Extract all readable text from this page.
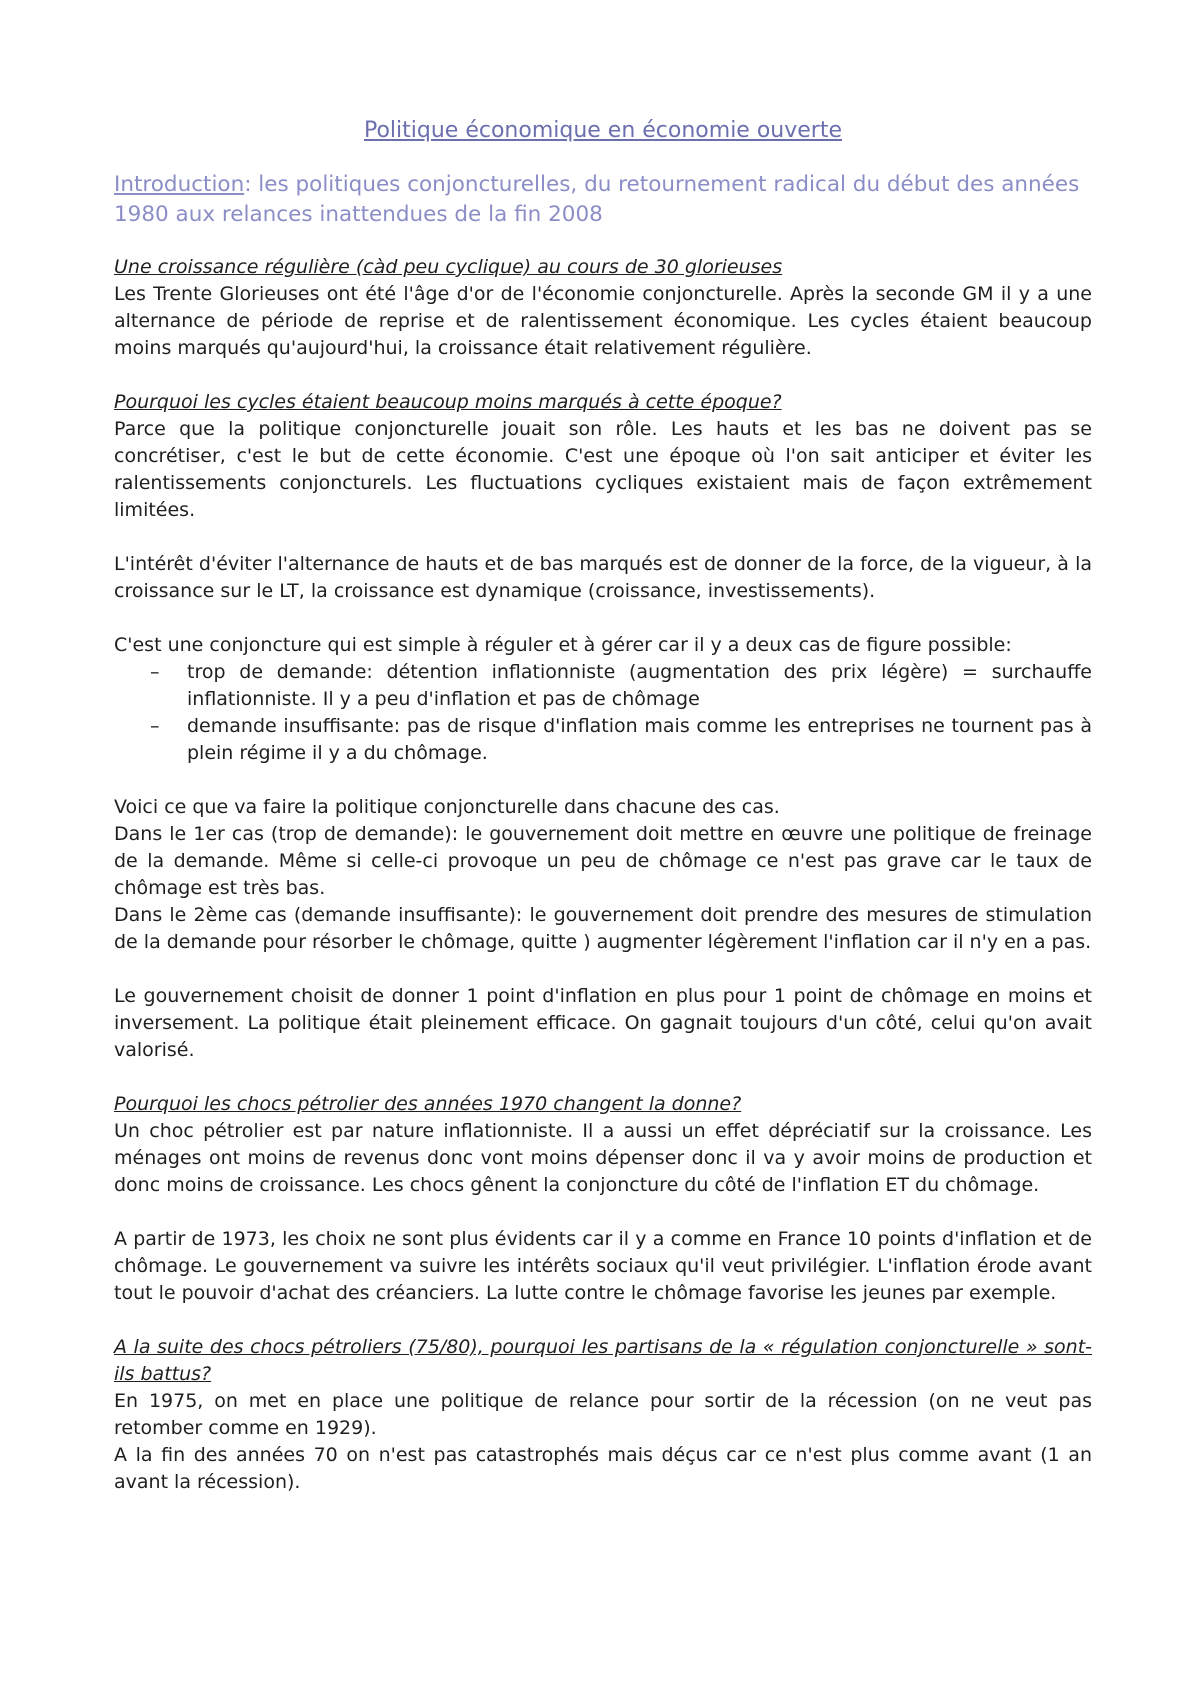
Politique économique en économie ouverte
Introduction: les politiques conjoncturelles, du retournement radical du début des années 1980 aux relances inattendues de la fin 2008

Une croissance régulière (càd peu cyclique) au cours de 30 glorieuses

Les Trente Glorieuses ont été l'âge d'or de l'économie conjoncturelle. Après la seconde GM il y a une alternance de période de reprise et de ralentissement économique. Les cycles étaient beaucoup moins marqués qu'aujourd'hui, la croissance était relativement régulière.

Pourquoi les cycles étaient beaucoup moins marqués à cette époque?

Parce que la politique conjoncturelle jouait son rôle. Les hauts et les bas ne doivent pas se concrétiser, c'est le but de cette économie. C'est une époque où l'on sait anticiper et éviter les ralentissements conjoncturels. Les fluctuations cycliques existaient mais de façon extrêmement limitées.

L'intérêt d'éviter l'alternance de hauts et de bas marqués est de donner de la force, de la vigueur, à la croissance sur le LT, la croissance est dynamique (croissance, investissements).

C'est une conjoncture qui est simple à réguler et à gérer car il y a deux cas de figure possible:

– trop de demande: détention inflationniste (augmentation des prix légère) = surchauffe inflationniste. Il y a peu d'inflation et pas de chômage
– demande insuffisante: pas de risque d'inflation mais comme les entreprises ne tournent pas à plein régime il y a du chômage.

Voici ce que va faire la politique conjoncturelle dans chacune des cas.

Dans le 1er cas (trop de demande): le gouvernement doit mettre en œuvre une politique de freinage de la demande. Même si celle-ci provoque un peu de chômage ce n'est pas grave car le taux de chômage est très bas.

Dans le 2ème cas (demande insuffisante): le gouvernement doit prendre des mesures de stimulation de la demande pour résorber le chômage, quitte ) augmenter légèrement l'inflation car il n'y en a pas.

Le gouvernement choisit de donner 1 point d'inflation en plus pour 1 point de chômage en moins et inversement. La politique était pleinement efficace. On gagnait toujours d'un côté, celui qu'on avait valorisé.

Pourquoi les chocs pétrolier des années 1970 changent la donne?

Un choc pétrolier est par nature inflationniste. Il a aussi un effet dépréciatif sur la croissance. Les ménages ont moins de revenus donc vont moins dépenser donc il va y avoir moins de production et donc moins de croissance. Les chocs gênent la conjoncture du côté de l'inflation ET du chômage.

A partir de 1973, les choix ne sont plus évidents car il y a comme en France 10 points d'inflation et de chômage. Le gouvernement va suivre les intérêts sociaux qu'il veut privilégier. L'inflation érode avant tout le pouvoir d'achat des créanciers. La lutte contre le chômage favorise les jeunes par exemple.

A la suite des chocs pétroliers (75/80), pourquoi les partisans de la « régulation conjoncturelle » sont-ils battus?

En 1975, on met en place une politique de relance pour sortir de la récession (on ne veut pas retomber comme en 1929).

A la fin des années 70 on n'est pas catastrophés mais déçus car ce n'est plus comme avant (1 an avant la récession).
